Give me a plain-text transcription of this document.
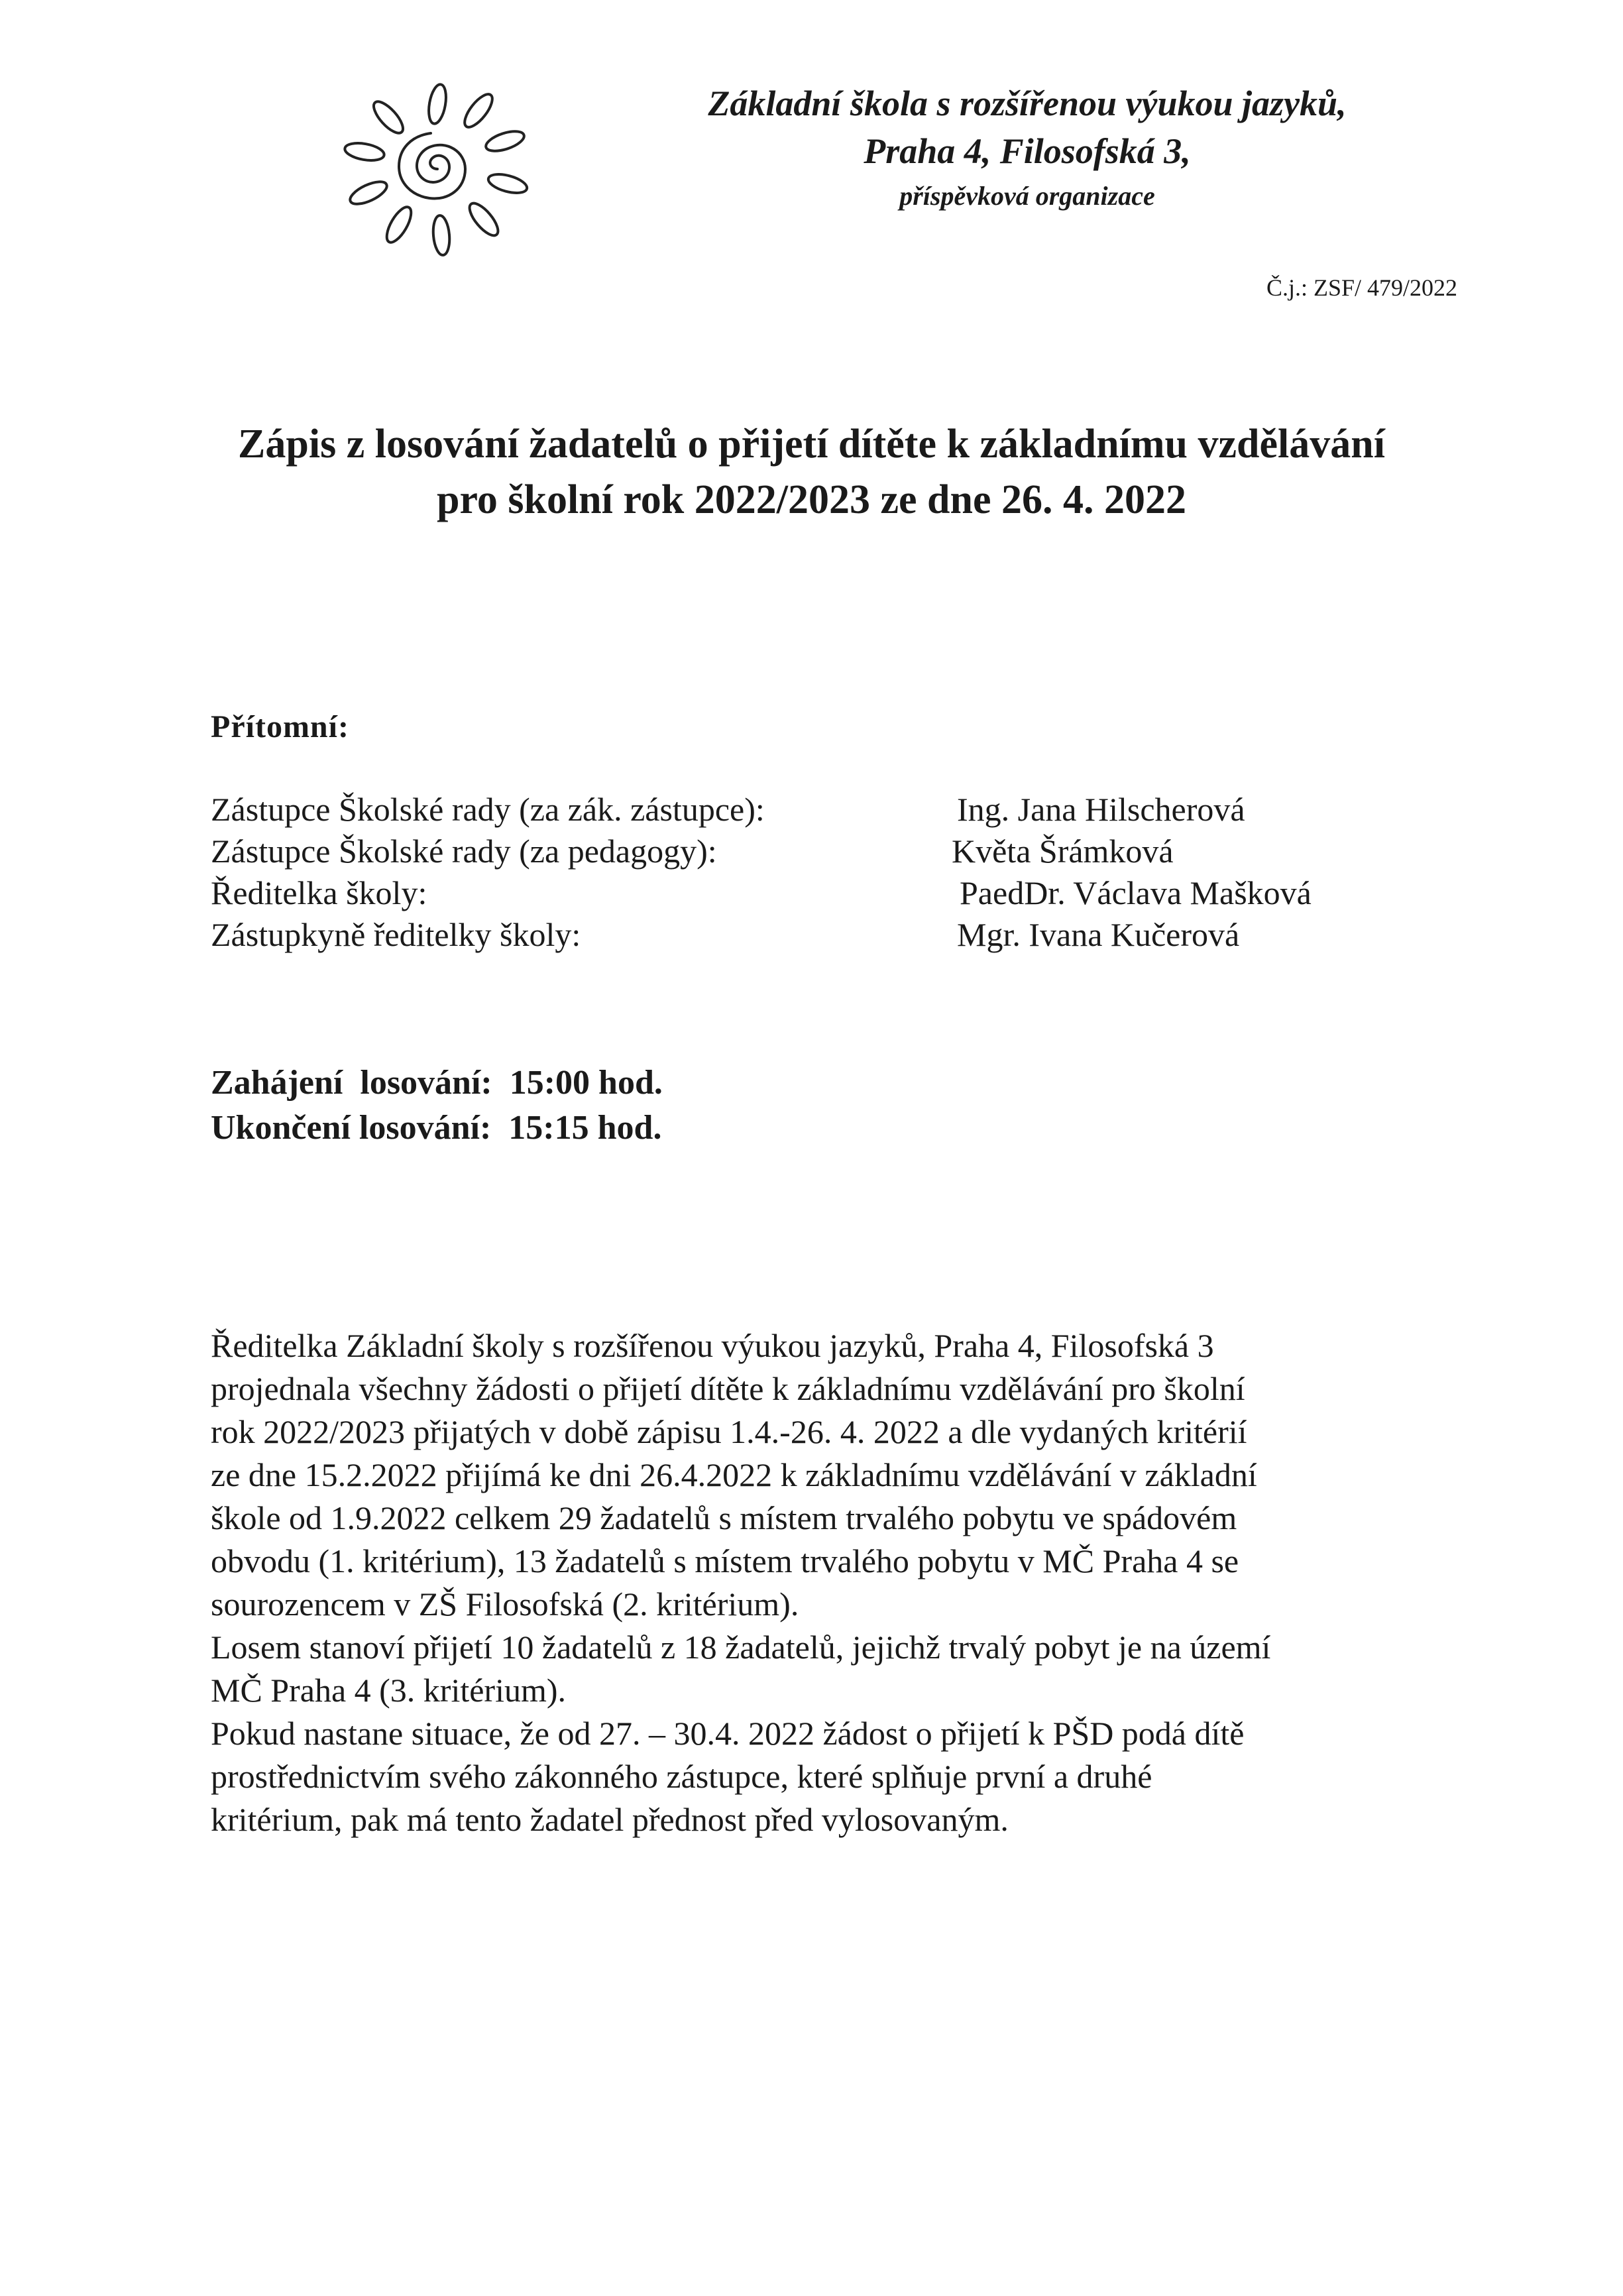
Základní škola s rozšířenou výukou jazyků,
Praha 4, Filosofská 3,
příspěvková organizace
Č.j.: ZSF/ 479/2022
Zápis z losování žadatelů o přijetí dítěte k základnímu vzdělávání
pro školní rok 2022/2023 ze dne 26. 4. 2022
Přítomní:
Zástupce Školské rady (za zák. zástupce):	Ing. Jana Hilscherová
Zástupce Školské rady (za pedagogy):	Květa Šrámková
Ředitelka školy:	PaedDr. Václava Mašková
Zástupkyně ředitelky školy:	Mgr. Ivana Kučerová
Zahájení  losování:  15:00 hod.
Ukončení losování:  15:15 hod.

Ředitelka Základní školy s rozšířenou výukou jazyků, Praha 4, Filosofská 3
projednala všechny žádosti o přijetí dítěte k základnímu vzdělávání pro školní
rok 2022/2023 přijatých v době zápisu 1.4.-26. 4. 2022 a dle vydaných kritérií
ze dne 15.2.2022 přijímá ke dni 26.4.2022 k základnímu vzdělávání v základní
škole od 1.9.2022 celkem 29 žadatelů s místem trvalého pobytu ve spádovém
obvodu (1. kritérium), 13 žadatelů s místem trvalého pobytu v MČ Praha 4 se
sourozencem v ZŠ Filosofská (2. kritérium).

Losem stanoví přijetí 10 žadatelů z 18 žadatelů, jejichž trvalý pobyt je na území
MČ Praha 4 (3. kritérium).

Pokud nastane situace, že od 27. – 30.4. 2022 žádost o přijetí k PŠD podá dítě
prostřednictvím svého zákonného zástupce, které splňuje první a druhé
kritérium, pak má tento žadatel přednost před vylosovaným.
